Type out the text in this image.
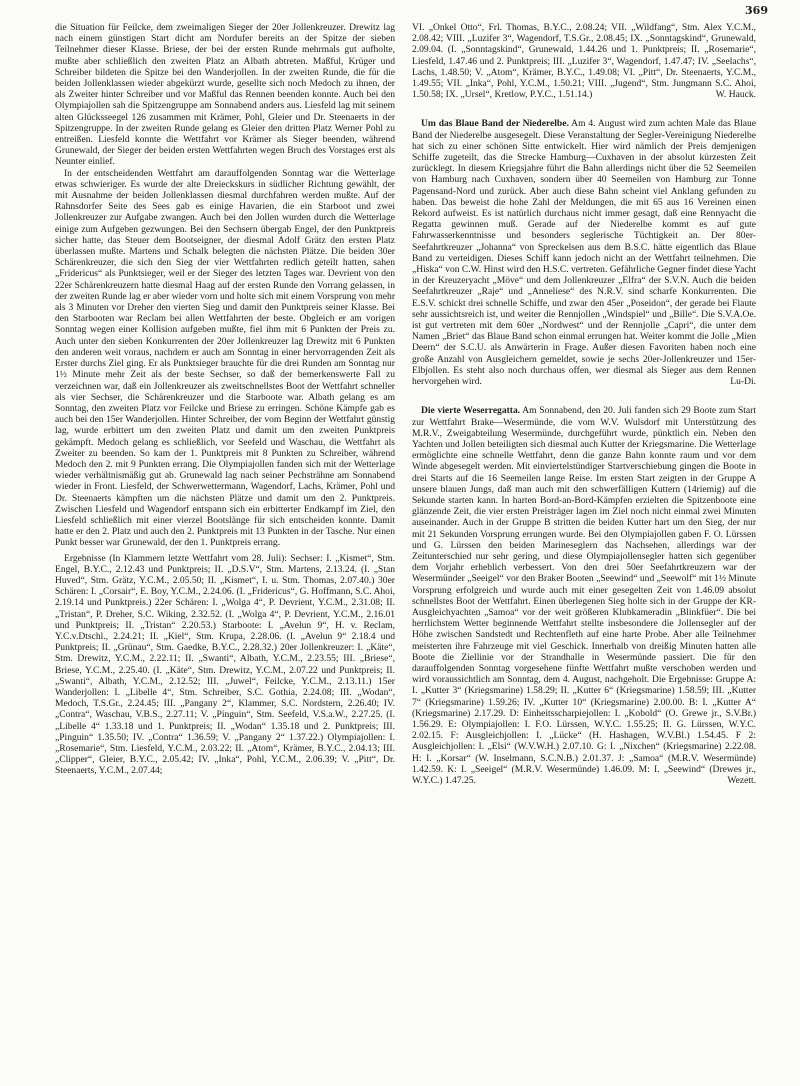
369

die Situation für Feilcke, dem zweimaligen Sieger der 20er Jollenkreuzer. Drewitz lag nach einem günstigen Start dicht am Nordufer bereits an der Spitze der sieben Teilnehmer dieser Klasse. Briese, der bei der ersten Runde mehrmals gut aufholte, mußte aber schließlich den zweiten Platz an Albath abtreten. Maßful, Krüger und Schreiber bildeten die Spitze bei den Wanderjollen. In der zweiten Runde, die für die beiden Jollenklassen wieder abgekürzt wurde, gesellte sich noch Medoch zu ihnen, der als Zweiter hinter Schreiber und vor Maßful das Rennen beenden konnte. Auch bei den Olympiajollen sah die Spitzengruppe am Sonnabend anders aus. Liesfeld lag mit seinem alten Glücksseegel 126 zusammen mit Krämer, Pohl, Gleier und Dr. Steenaerts in der Spitzengruppe. In der zweiten Runde gelang es Gleier den dritten Platz Werner Pohl zu entreißen. Liesfeld konnte die Wettfahrt vor Krämer als Sieger beenden, während Grunewald, der Sieger der beiden ersten Wettfahrten wegen Bruch des Vorstages erst als Neunter einlief.

In der entscheidenden Wettfahrt am darauffolgenden Sonntag war die Wetterlage etwas schwieriger. Es wurde der alte Dreieckskurs in südlicher Richtung gewählt, der mit Ausnahme der beiden Jollenklassen diesmal durchfahren werden mußte. Auf der Rahnsdorfer Seite des Sees gab es einige Havarien, die ein Starboot und zwei Jollenkreuzer zur Aufgabe zwangen. Auch bei den Jollen wurden durch die Wetterlage einige zum Aufgeben gezwungen. Bei den Sechsern übergab Engel, der den Punktpreis sicher hatte, das Steuer dem Bootseigner, der diesmal Adolf Grätz den ersten Platz überlassen mußte. Martens und Schalk belegten die nächsten Plätze. Die beiden 30er Schärenkreuzer, die sich den Sieg der vier Wettfahrten redlich geteilt hatten, sahen „Fridericus“ als Punktsieger, weil er der Sieger des letzten Tages war. Devrient von den 22er Schärenkreuzern hatte diesmal Haag auf der ersten Runde den Vorrang gelassen, in der zweiten Runde lag er aber wieder vorn und holte sich mit einem Vorsprung von mehr als 3 Minuten vor Dreher den vierten Sieg und damit den Punktpreis seiner Klasse. Bei den Starbooten war Reclam bei allen Wettfahrten der beste. Obgleich er am vorigen Sonntag wegen einer Kollision aufgeben mußte, fiel ihm mit 6 Punkten der Preis zu. Auch unter den sieben Konkurrenten der 20er Jollenkreuzer lag Drewitz mit 6 Punkten den anderen weit voraus, nachdem er auch am Sonntag in einer hervorragenden Zeit als Erster durchs Ziel ging. Er als Punktsieger brauchte für die drei Runden am Sonntag nur 1½ Minute mehr Zeit als der beste Sechser, so daß der bemerkenswerte Fall zu verzeichnen war, daß ein Jollenkreuzer als zweitschnellstes Boot der Wettfahrt schneller als vier Sechser, die Schärenkreuzer und die Starboote war. Albath gelang es am Sonntag, den zweiten Platz vor Feilcke und Briese zu erringen. Schöne Kämpfe gab es auch bei den 15er Wanderjollen. Hinter Schreiber, der vom Beginn der Wettfahrt günstig lag, wurde erbittert um den zweiten Platz und damit um den zweiten Punktpreis gekämpft. Medoch gelang es schließlich, vor Seefeld und Waschau, die Wettfahrt als Zweiter zu beenden. So kam der 1. Punktpreis mit 8 Punkten zu Schreiber, während Medoch den 2. mit 9 Punkten errang. Die Olympiajollen fanden sich mit der Wetterlage wieder verhältnismäßig gut ab. Grunewald lag nach seiner Pechsträhne am Sonnabend wieder in Front. Liesfeld, der Schwerwettermann, Wagendorf, Lachs, Krämer, Pohl und Dr. Steenaerts kämpften um die nächsten Plätze und damit um den 2. Punktpreis. Zwischen Liesfeld und Wagendorf entspann sich ein erbitterter Endkampf im Ziel, den Liesfeld schließlich mit einer vierzel Bootslänge für sich entscheiden konnte. Damit hatte er den 2. Platz und auch den 2. Punktpreis mit 13 Punkten in der Tasche. Nur einen Punkt besser war Grunewald, der den 1. Punktpreis errang.

Ergebnisse (In Klammern letzte Wettfahrt vom 28. Juli): Sechser: I. „Kismet“, Stm. Engel, B.Y.C., 2.12.43 und Punktpreis; II. „D.S.V“, Stm. Martens, 2.13.24. (I. „Stan Huved“, Stm. Grätz, Y.C.M., 2.05.50; II. „Kismet“, I. u. Stm. Thomas, 2.07.40.) 30er Schären: I. „Corsair“, E. Boy, Y.C.M., 2.24.06. (I. „Fridericus“, G. Hoffmann, S.C. Ahoi, 2.19.14 und Punktpreis.) 22er Schären: I. „Wolga 4“, P. Devrient, Y.C.M., 2.31.08; II. „Tristan“, P. Dreher, S.C. Wiking, 2.32.52. (I. „Wolga 4“, P. Devrient, Y.C.M., 2.16.01 und Punktpreis; II. „Tristan“ 2.20.53.) Starboote: I. „Avelun 9“, H. v. Reclam, Y.C.v.Dtschl., 2.24.21; II. „Kiel“, Stm. Krupa, 2.28.06. (I. „Avelun 9“ 2.18.4 und Punktpreis; II. „Grünau“, Stm. Gaedke, B.Y.C., 2.28.32.) 20er Jollenkreuzer: I. „Käte“, Stm. Drewitz, Y.C.M., 2.22.11; II. „Swanti“, Albath, Y.C.M., 2.23.55; III. „Briese“, Briese, Y.C.M., 2.25.40. (I. „Käte“, Stm. Drewitz, Y.C.M., 2.07.22 und Punktpreis; II. „Swanti“, Albath, Y.C.M., 2.12.52; III. „Juwel“, Feilcke, Y.C.M., 2.13.11.) 15er Wanderjollen: I. „Libelle 4“, Stm. Schreiber, S.C. Gothia, 2.24.08; III. „Wodan“, Medoch, T.S.Gr., 2.24.45; III. „Pangany 2“, Klammer, S.C. Nordstern, 2.26.40; IV. „Contra“, Waschau, V.B.S., 2.27.11; V. „Pinguin“, Stm. Seefeld, V.S.a.W., 2.27.25. (I. „Libelle 4“ 1.33.18 und 1. Punktpreis; II. „Wodan“ 1.35.18 und 2. Punktpreis; III. „Pinguin“ 1.35.50; IV. „Contra“ 1.36.59; V. „Pangany 2“ 1.37.22.) Olympiajollen: I. „Rosemarie“, Stm. Liesfeld, Y.C.M., 2.03.22; II. „Atom“, Krämer, B.Y.C., 2.04.13; III. „Clipper“, Gleier, B.Y.C., 2.05.42; IV. „Inka“, Pohl, Y.C.M., 2.06.39; V. „Pitt“, Dr. Steenaerts, Y.C.M., 2.07.44;

VI. „Onkel Otto“, Frl. Thomas, B.Y.C., 2.08.24; VII. „Wildfang“, Stm. Alex Y.C.M., 2.08.42; VIII. „Luzifer 3“, Wagendorf, T.S.Gr., 2.08.45; IX. „Sonntagskind“, Grunewald, 2.09.04. (I. „Sonntagskind“, Grunewald, 1.44.26 und 1. Punktpreis; II. „Rosemarie“, Liesfeld, 1.47.46 und 2. Punktpreis; III. „Luzifer 3“, Wagendorf, 1.47.47; IV. „Seelachs“, Lachs, 1.48.50; V. „Atom“, Krämer, B.Y.C., 1.49.08; VI. „Pitt“, Dr. Steenaerts, Y.C.M., 1.49.55; VII. „Inka“, Pohl, Y.C.M., 1.50.21; VIII. „Jugend“, Stm. Jungmann S.C. Ahoi, 1.50.58; IX. „Ursel“, Kretlow, P.Y.C., 1.51.14.)	W. Hauck.

Um das Blaue Band der Niederelbe. Am 4. August wird zum achten Male das Blaue Band der Niederelbe ausgesegelt. Diese Veranstaltung der Segler-Vereinigung Niederelbe hat sich zu einer schönen Sitte entwickelt. Hier wird nämlich der Preis demjenigen Schiffe zugeteilt, das die Strecke Hamburg—Cuxhaven in der absolut kürzesten Zeit zurücklegt. In diesem Kriegsjahre führt die Bahn allerdings nicht über die 52 Seemeilen von Hamburg nach Cuxhaven, sondern über 40 Seemeilen von Hamburg zur Tonne Pagensand-Nord und zurück. Aber auch diese Bahn scheint viel Anklang gefunden zu haben. Das beweist die hohe Zahl der Meldungen, die mit 65 aus 16 Vereinen einen Rekord aufweist. Es ist natürlich durchaus nicht immer gesagt, daß eine Rennyacht die Regatta gewinnen muß. Gerade auf der Niederelbe kommt es auf gute Fahrwasserkenntnisse und besonders seglerische Tüchtigkeit an. Der 80er-Seefahrtkreuzer „Johanna“ von Spreckelsen aus dem B.S.C. hätte eigentlich das Blaue Band zu verteidigen. Dieses Schiff kann jedoch nicht an der Wettfahrt teilnehmen. Die „Hiska“ von C.W. Hinst wird den H.S.C. vertreten. Gefährliche Gegner findet diese Yacht in der Kreuzeryacht „Möve“ und dem Jollenkreuzer „Elfra“ der S.V.N. Auch die beiden Seefahrtkreuzer „Raje“ und „Anneliese“ des N.R.V. sind scharfe Konkurrenten. Die E.S.V. schickt drei schnelle Schiffe, und zwar den 45er „Poseidon“, der gerade bei Flaute sehr aussichtsreich ist, und weiter die Rennjollen „Windspiel“ und „Bille“. Die S.V.A.Oe. ist gut vertreten mit dem 60er „Nordwest“ und der Rennjolle „Capri“, die unter dem Namen „Briet“ das Blaue Band schon einmal errungen hat. Weiter kommt die Jolle „Mien Deern“ der S.C.U. als Anwärterin in Frage. Außer diesen Favoriten haben noch eine große Anzahl von Ausgleichern gemeldet, sowie je sechs 20er-Jollenkreuzer und 15er-Elbjollen. Es steht also noch durchaus offen, wer diesmal als Sieger aus dem Rennen hervorgehen wird.	Lu-Di.

Die vierte Weserregatta. Am Sonnabend, den 20. Juli fanden sich 29 Boote zum Start zur Wettfahrt Brake—Wesermünde, die vom W.V. Wulsdorf mit Unterstützung des M.R.V., Zweigabteilung Wesermünde, durchgeführt wurde, pünktlich ein. Neben den Yachten und Jollen beteiligten sich diesmal auch Kutter der Kriegsmarine. Die Wetterlage ermöglichte eine schnelle Wettfahrt, denn die ganze Bahn konnte raum und vor dem Winde abgesegelt werden. Mit einviertelstündiger Startverschiebung gingen die Boote in drei Starts auf die 16 Seemeilen lange Reise. Im ersten Start zeigten in der Gruppe A unsere blauen Jungs, daß man auch mit den schwerfälligen Kuttern (14riemig) auf die Sekunde starten kann. In harten Bord-an-Bord-Kämpfen erzielten die Spitzenboote eine glänzende Zeit, die vier ersten Preisträger lagen im Ziel noch nicht einmal zwei Minuten auseinander. Auch in der Gruppe B stritten die beiden Kutter hart um den Sieg, der nur mit 21 Sekunden Vorsprung errungen wurde. Bei den Olympiajollen gaben F. O. Lürssen und G. Lürssen den beiden Marineseglern das Nachsehen, allerdings war der Zeitunterschied nur sehr gering, und diese Olympiajollensegler hatten sich gegenüber dem Vorjahr erheblich verbessert. Von den drei 50er Seefahrtkreuzern war der Wesermünder „Seeigel“ vor den Braker Booten „Seewind“ und „Seewolf“ mit 1½ Minute Vorsprung erfolgreich und wurde auch mit einer gesegelten Zeit von 1.46.09 absolut schnellstes Boot der Wettfahrt. Einen überlegenen Sieg holte sich in der Gruppe der KR-Ausgleichyachten „Samoa“ vor der weit größeren Klubkameradin „Blinkfüer“. Die bei herrlichstem Wetter beginnende Wettfahrt stellte insbesondere die Jollensegler auf der Höhe zwischen Sandstedt und Rechtenfleth auf eine harte Probe. Aber alle Teilnehmer meisterten ihre Fahrzeuge mit viel Geschick. Innerhalb von dreißig Minuten hatten alle Boote die Ziellinie vor der Strandhalle in Wesermünde passiert. Die für den darauffolgenden Sonntag vorgesehene fünfte Wettfahrt mußte verschoben werden und wird voraussichtlich am Sonntag, dem 4. August, nachgeholt. Die Ergebnisse: Gruppe A: I. „Kutter 3“ (Kriegsmarine) 1.58.29; II. „Kutter 6“ (Kriegsmarine) 1.58.59; III. „Kutter 7“ (Kriegsmarine) 1.59.26; IV. „Kutter 10“ (Kriegsmarine) 2.00.00. B: I. „Kutter A“ (Kriegsmarine) 2.17.29. D: Einheitsscharpiejollen: I. „Kobold“ (O. Grewe jr., S.V.Br.) 1.56.29. E: Olympiajollen: I. F.O. Lürssen, W.Y.C. 1.55.25; II. G. Lürssen, W.Y.C. 2.02.15. F: Ausgleichjollen: I. „Lücke“ (H. Hashagen, W.V.Bl.) 1.54.45. F 2: Ausgleichjollen: I. „Elsi“ (W.V.W.H.) 2.07.10. G: I. „Nixchen“ (Kriegsmarine) 2.22.08. H: I. „Korsar“ (W. Inselmann, S.C.N.B.) 2.01.37. J: „Samoa“ (M.R.V. Wesermünde) 1.42.59. K: I. „Seeigel“ (M.R.V. Wesermünde) 1.46.09. M: I. „Seewind“ (Drewes jr., W.Y.C.) 1.47.25.	Wezett.
